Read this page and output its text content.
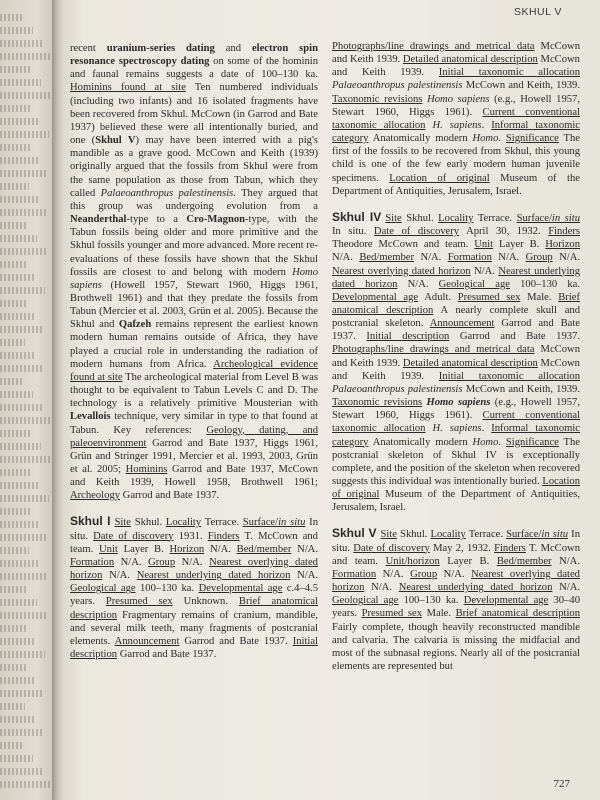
SKHUL V

recent uranium-series dating and electron spin resonance spectroscopy dating on some of the hominin and faunal remains suggests a date of 100–130 ka. Hominins found at site Ten numbered individuals (including two infants) and 16 isolated fragments have been recovered from Skhul. McCown (in Garrod and Bate 1937) believed these were all intentionally buried, and one (Skhul V) may have been interred with a pig's mandible as a grave good. McCown and Keith (1939) originally argued that the fossils from Skhul were from the same population as those from Tabun, which they called Palaeoanthropus palestinensis. They argued that this group was undergoing evolution from a Neanderthal-type to a Cro-Magnon-type, with the Tabun fossils being older and more primitive and the Skhul fossils younger and more advanced. More recent re-evaluations of these fossils have shown that the Skhul fossils are closest to and belong with modern Homo sapiens (Howell 1957, Stewart 1960, Higgs 1961, Brothwell 1961) and that they predate the fossils from Tabun (Mercier et al. 2003, Grün et al. 2005). Because the Skhul and Qafzeh remains represent the earliest known modern human remains outside of Africa, they have played a crucial role in understanding the radiation of modern humans from Africa. Archeological evidence found at site The archeological material from Level B was thought to be equivalent to Tabun Levels C and D. The technology is a relatively primitive Mousterian with Levallois technique, very similar in type to that found at Tabun. Key references: Geology, dating, and paleoenvironment Garrod and Bate 1937, Higgs 1961, Grün and Stringer 1991, Mercier et al. 1993, 2003, Grün et al. 2005; Hominins Garrod and Bate 1937, McCown and Keith 1939, Howell 1958, Brothwell 1961; Archeology Garrod and Bate 1937.

Skhul I Site Skhul. Locality Terrace. Surface/in situ In situ. Date of discovery 1931. Finders T. McCown and team. Unit Layer B. Horizon N/A. Bed/member N/A. Formation N/A. Group N/A. Nearest overlying dated horizon N/A. Nearest underlying dated horizon N/A. Geological age 100–130 ka. Developmental age c.4–4.5 years. Presumed sex Unknown. Brief anatomical description Fragmentary remains of cranium, mandible, and several milk teeth, many fragments of postcranial elements. Announcement Garrod and Bate 1937. Initial description Garrod and Bate 1937.

Photographs/line drawings and metrical data McCown and Keith 1939. Detailed anatomical description McCown and Keith 1939. Initial taxonomic allocation Palaeoanthropus palestinensis McCown and Keith, 1939. Taxonomic revisions Homo sapiens (e.g., Howell 1957, Stewart 1960, Higgs 1961). Current conventional taxonomic allocation H. sapiens. Informal taxonomic category Anatomically modern Homo. Significance The first of the fossils to be recovered from Skhul, this young child is one of the few early modern human juvenile specimens. Location of original Museum of the Department of Antiquities, Jerusalem, Israel.

Skhul IV Site Skhul. Locality Terrace. Surface/in situ In situ. Date of discovery April 30, 1932. Finders Theodore McCown and team. Unit Layer B. Horizon N/A. Bed/member N/A. Formation N/A. Group N/A. Nearest overlying dated horizon N/A. Nearest underlying dated horizon N/A. Geological age 100–130 ka. Developmental age Adult. Presumed sex Male. Brief anatomical description A nearly complete skull and postcranial skeleton. Announcement Garrod and Bate 1937. Initial description Garrod and Bate 1937. Photographs/line drawings and metrical data McCown and Keith 1939. Detailed anatomical description McCown and Keith 1939. Initial taxonomic allocation Palaeoanthropus palestinensis McCown and Keith, 1939. Taxonomic revisions Homo sapiens (e.g., Howell 1957, Stewart 1960, Higgs 1961). Current conventional taxonomic allocation H. sapiens. Informal taxonomic category Anatomically modern Homo. Significance The postcranial skeleton of Skhul IV is exceptionally complete, and the position of the skeleton when recovered suggests this individual was intentionally buried. Location of original Museum of the Department of Antiquities, Jerusalem, Israel.

Skhul V Site Skhul. Locality Terrace. Surface/in situ In situ. Date of discovery May 2, 1932. Finders T. McCown and team. Unit/horizon Layer B. Bed/member N/A. Formation N/A. Group N/A. Nearest overlying dated horizon N/A. Nearest underlying dated horizon N/A. Geological age 100–130 ka. Developmental age 30–40 years. Presumed sex Male. Brief anatomical description Fairly complete, though heavily reconstructed mandible and calvaria. The calvaria is missing the midfacial and most of the subnasal regions. Nearly all of the postcranial elements are represented but

727
